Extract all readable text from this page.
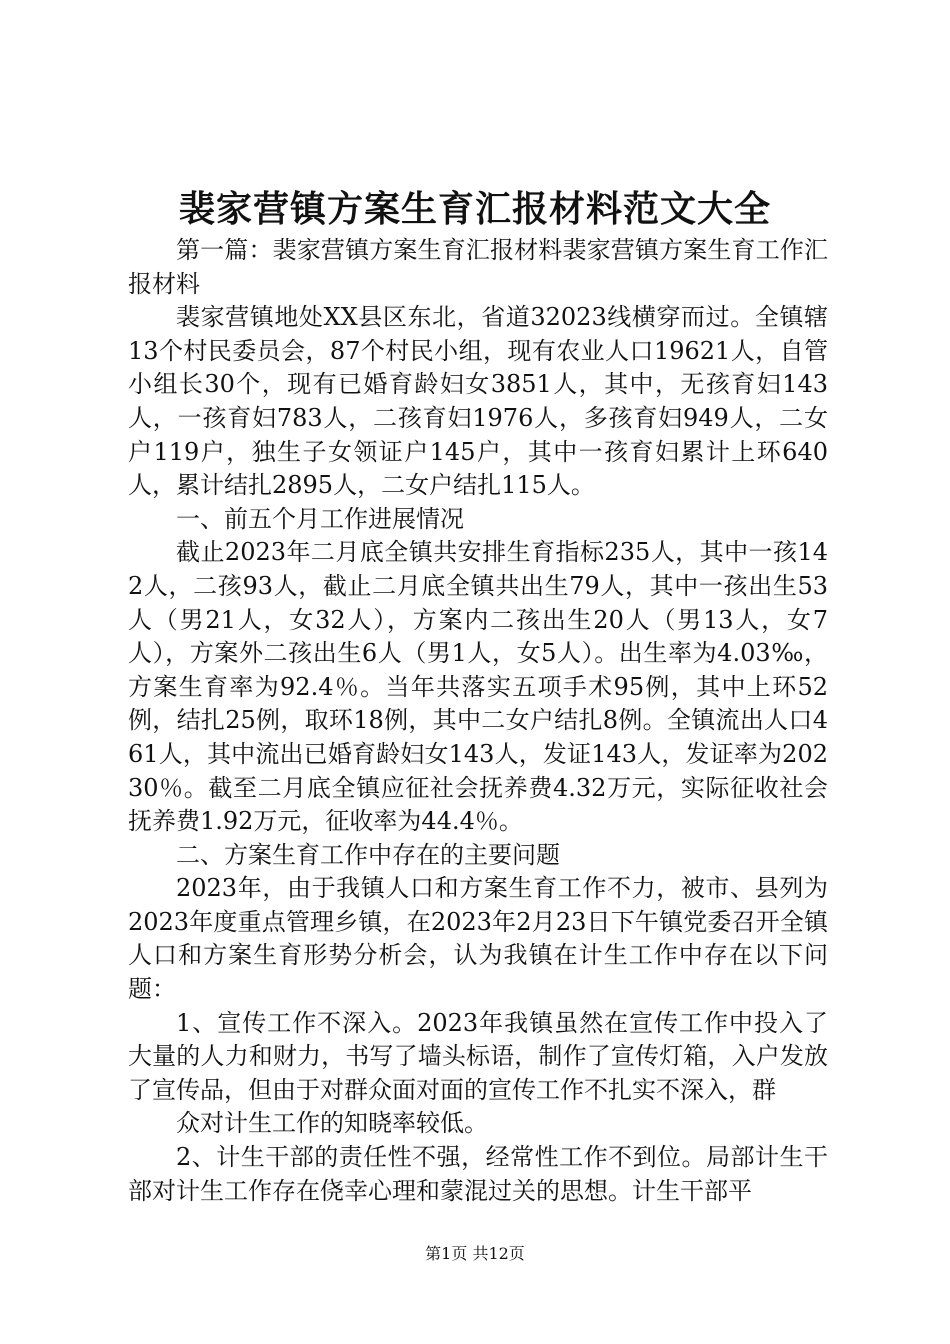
裴家营镇方案生育汇报材料范文大全

第一篇：裴家营镇方案生育汇报材料裴家营镇方案生育工作汇报材料

裴家营镇地处XX县区东北，省道32023线横穿而过。全镇辖13个村民委员会，87个村民小组，现有农业人口19621人，自管小组长30个，现有已婚育龄妇女3851人，其中，无孩育妇143人，一孩育妇783人，二孩育妇1976人，多孩育妇949人，二女户119户，独生子女领证户145户，其中一孩育妇累计上环640人，累计结扎2895人，二女户结扎115人。

一、前五个月工作进展情况

截止2023年二月底全镇共安排生育指标235人，其中一孩142人，二孩93人，截止二月底全镇共出生79人，其中一孩出生53人（男21人，女32人），方案内二孩出生20人（男13人，女7人），方案外二孩出生6人（男1人，女5人）。出生率为4.03‰，方案生育率为92.4％。当年共落实五项手术95例，其中上环52例，结扎25例，取环18例，其中二女户结扎8例。全镇流出人口461人，其中流出已婚育龄妇女143人，发证143人，发证率为20230％。截至二月底全镇应征社会抚养费4.32万元，实际征收社会抚养费1.92万元，征收率为44.4％。

二、方案生育工作中存在的主要问题

2023年，由于我镇人口和方案生育工作不力，被市、县列为2023年度重点管理乡镇，在2023年2月23日下午镇党委召开全镇人口和方案生育形势分析会，认为我镇在计生工作中存在以下问题：

1、宣传工作不深入。2023年我镇虽然在宣传工作中投入了大量的人力和财力，书写了墙头标语，制作了宣传灯箱，入户发放了宣传品，但由于对群众面对面的宣传工作不扎实不深入，群

众对计生工作的知晓率较低。

2、计生干部的责任性不强，经常性工作不到位。局部计生干部对计生工作存在侥幸心理和蒙混过关的思想。计生干部平

第1页 共12页
